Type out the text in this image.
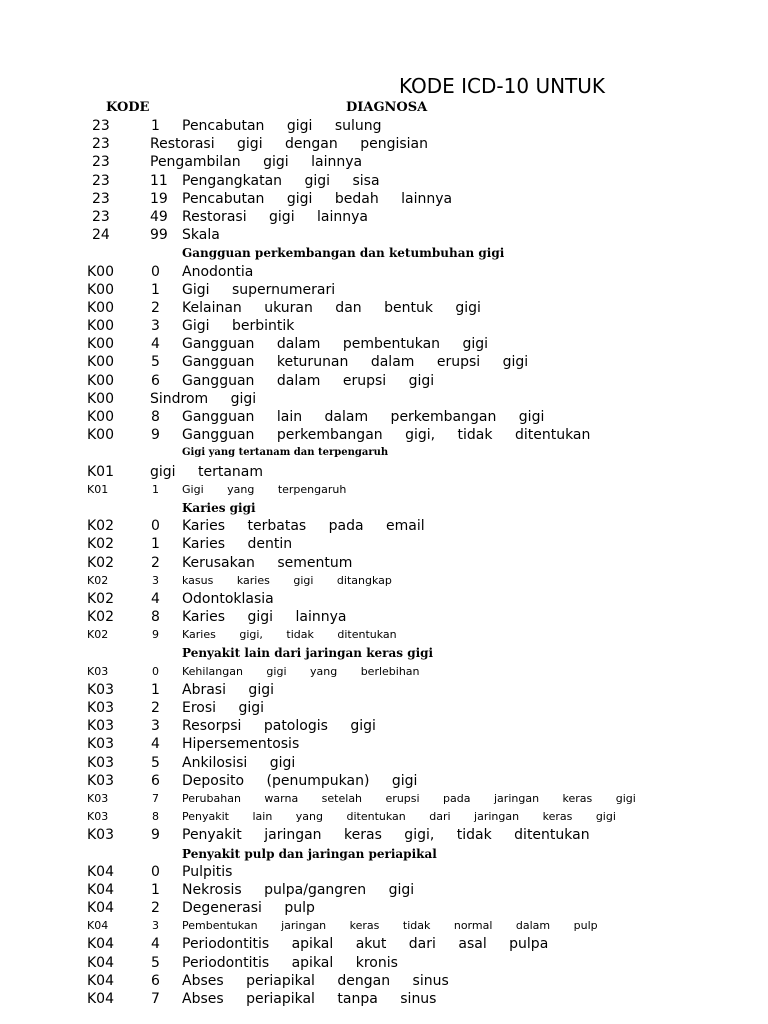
KODE ICD-10 UNTUK
KODE	DIAGNOSA
23	1 Pencabutan gigi sulung
23	Restorasi gigi dengan pengisian
23	Pengambilan gigi lainnya
23	11 Pengangkatan gigi sisa
23	19 Pencabutan gigi bedah lainnya
23	49 Restorasi gigi lainnya
24	99 Skala
Gangguan perkembangan dan ketumbuhan gigi
K00	0 Anodontia
K00	1 Gigi supernumerari
K00	2 Kelainan ukuran dan bentuk gigi
K00	3 Gigi berbintik
K00	4 Gangguan dalam pembentukan gigi
K00	5 Gangguan keturunan dalam erupsi gigi
K00	6 Gangguan dalam erupsi gigi
K00	Sindrom gigi
K00	8 Gangguan lain dalam perkembangan gigi
K00	9 Gangguan perkembangan gigi, tidak ditentukan
Gigi yang tertanam dan terpengaruh
K01	gigi tertanam
K01	1 Gigi yang terpengaruh
Karies gigi
K02	0 Karies terbatas pada email
K02	1 Karies dentin
K02	2 Kerusakan sementum
K02	3 kasus karies gigi ditangkap
K02	4 Odontoklasia
K02	8 Karies gigi lainnya
K02	9 Karies gigi, tidak ditentukan
Penyakit lain dari jaringan keras gigi
K03	0 Kehilangan gigi yang berlebihan
K03	1 Abrasi gigi
K03	2 Erosi gigi
K03	3 Resorpsi patologis gigi
K03	4 Hipersementosis
K03	5 Ankilosisi gigi
K03	6 Deposito (penumpukan) gigi
K03	7 Perubahan warna setelah erupsi pada jaringan keras gigi
K03	8 Penyakit lain yang ditentukan dari jaringan keras gigi
K03	9 Penyakit jaringan keras gigi, tidak ditentukan
Penyakit pulp dan jaringan periapikal
K04	0 Pulpitis
K04	1 Nekrosis pulpa/gangren gigi
K04	2 Degenerasi pulp
K04	3 Pembentukan jaringan keras tidak normal dalam pulp
K04	4 Periodontitis apikal akut dari asal pulpa
K04	5 Periodontitis apikal kronis
K04	6 Abses periapikal dengan sinus
K04	7 Abses periapikal tanpa sinus
